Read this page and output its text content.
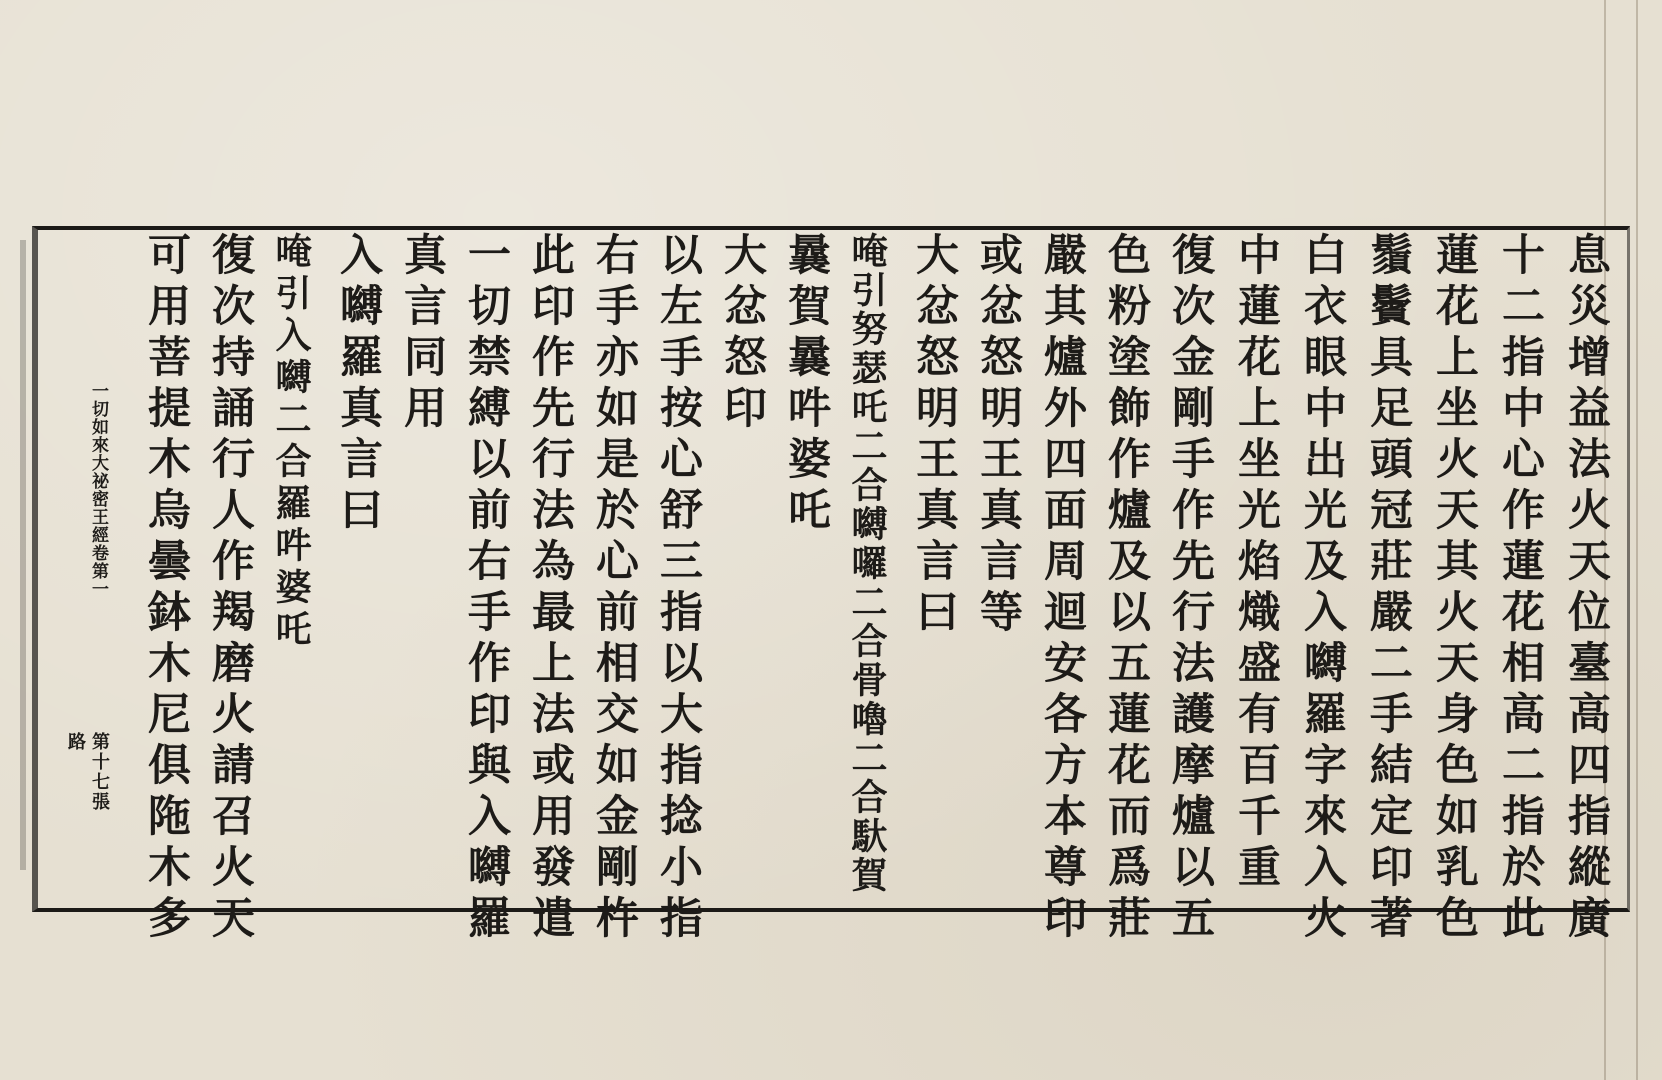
息災增益法火天位臺高四指縱廣
十二指中心作蓮花相高二指於此
蓮花上坐火天其火天身色如乳色
鬚鬢具足頭冠莊嚴二手結定印著
白衣眼中出光及入嚩羅字來入火
中蓮花上坐光焰熾盛有百千重
復次金剛手作先行法護摩爐以五
色粉塗飾作爐及以五蓮花而爲莊
嚴其爐外四面周迴安各方本尊印
或忿怒明王真言等
大忿怒明王真言曰
唵引努瑟吒二合嚩囉二合骨嚕二合馱賀
曩賀曩吽婆吒
大忿怒印
以左手按心舒三指以大指捻小指
右手亦如是於心前相交如金剛杵
此印作先行法為最上法或用發遣
一切禁縛以前右手作印與入嚩羅
真言同用
入嚩羅真言曰
唵引入嚩二合羅吽婆吒
復次持誦行人作羯磨火請召火天
可用菩提木烏曇鉢木尼俱陁木多
一切如來大祕密王經卷第一
第十七張
路
